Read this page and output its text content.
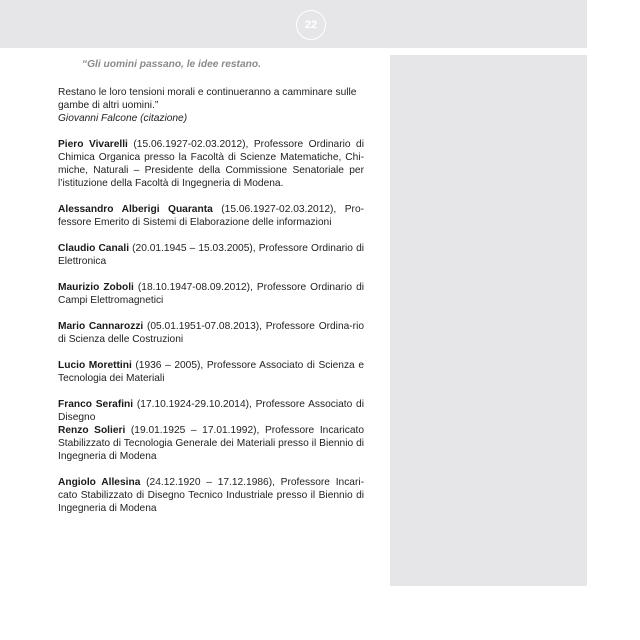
22

“Gli uomini passano, le idee restano.

Restano le loro tensioni morali e continueranno a camminare sulle gambe di altri uomini.”
Giovanni Falcone (citazione)

Piero Vivarelli (15.06.1927-02.03.2012), Professore Ordinario di Chimica Organica presso la Facoltà di Scienze Matematiche, Chi-miche, Naturali – Presidente della Commissione Senatoriale per l’istituzione della Facoltà di Ingegneria di Modena.

Alessandro Alberigi Quaranta (15.06.1927-02.03.2012), Pro-fessore Emerito di Sistemi di Elaborazione delle informazioni

Claudio Canali (20.01.1945 – 15.03.2005), Professore Ordinario di Elettronica

Maurizio Zoboli (18.10.1947-08.09.2012), Professore Ordinario di Campi Elettromagnetici

Mario Cannarozzi (05.01.1951-07.08.2013), Professore Ordina-rio di Scienza delle Costruzioni

Lucio Morettini (1936 – 2005), Professore Associato di Scienza e Tecnologia dei Materiali

Franco Serafini (17.10.1924-29.10.2014), Professore Associato di Disegno

Renzo Solieri (19.01.1925 – 17.01.1992), Professore Incaricato Stabilizzato di Tecnologia Generale dei Materiali presso il Biennio di Ingegneria di Modena

Angiolo Allesina (24.12.1920 – 17.12.1986), Professore Incari-cato Stabilizzato di Disegno Tecnico Industriale presso il Biennio di Ingegneria di Modena
